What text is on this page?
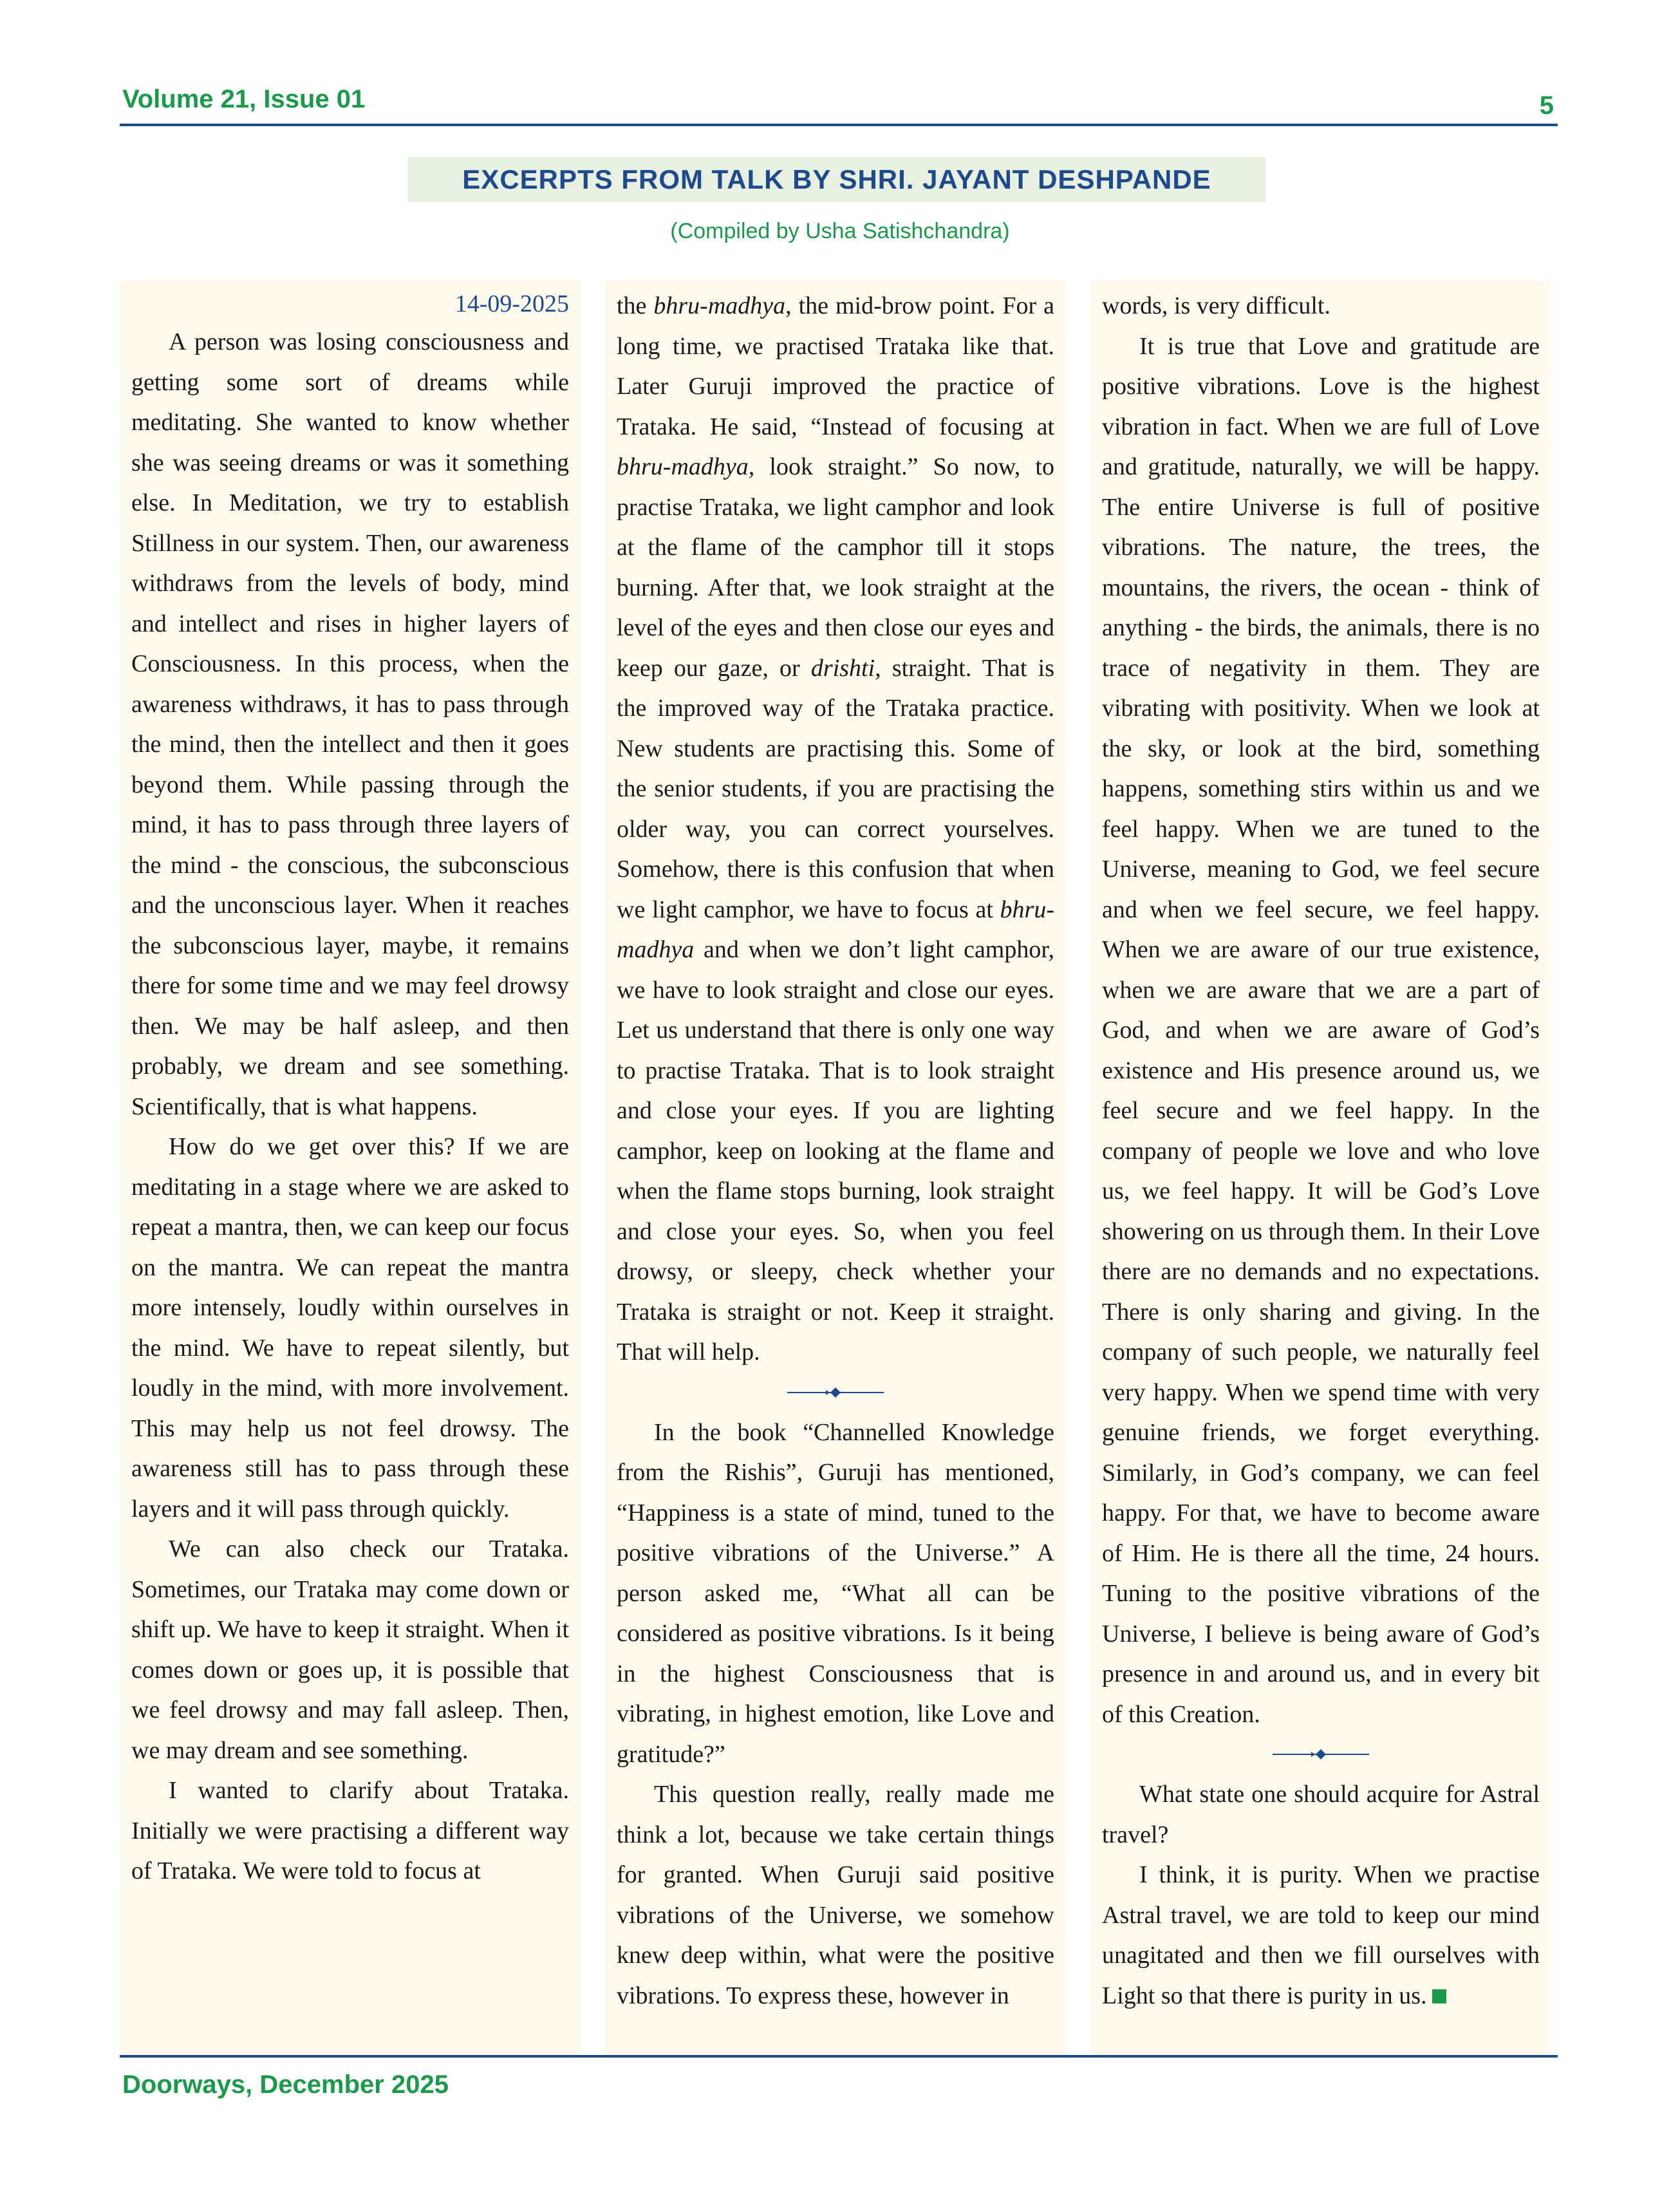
Volume 21, Issue 01	5
EXCERPTS FROM TALK BY SHRI. JAYANT DESHPANDE
(Compiled by Usha Satishchandra)
14-09-2025

A person was losing consciousness and getting some sort of dreams while meditating. She wanted to know whether she was seeing dreams or was it something else. In Meditation, we try to establish Stillness in our system. Then, our awareness withdraws from the levels of body, mind and intellect and rises in higher layers of Consciousness. In this process, when the awareness withdraws, it has to pass through the mind, then the intellect and then it goes beyond them. While passing through the mind, it has to pass through three layers of the mind - the conscious, the subconscious and the unconscious layer. When it reaches the subconscious layer, maybe, it remains there for some time and we may feel drowsy then. We may be half asleep, and then probably, we dream and see something. Scientifically, that is what happens.

How do we get over this? If we are meditating in a stage where we are asked to repeat a mantra, then, we can keep our focus on the mantra. We can repeat the mantra more intensely, loudly within ourselves in the mind. We have to repeat silently, but loudly in the mind, with more involvement. This may help us not feel drowsy. The awareness still has to pass through these layers and it will pass through quickly.

We can also check our Trataka. Sometimes, our Trataka may come down or shift up. We have to keep it straight. When it comes down or goes up, it is possible that we feel drowsy and may fall asleep. Then, we may dream and see something.

I wanted to clarify about Trataka. Initially we were practising a different way of Trataka. We were told to focus at

the bhru-madhya, the mid-brow point. For a long time, we practised Trataka like that. Later Guruji improved the practice of Trataka. He said, “Instead of focusing at bhru-madhya, look straight.” So now, to practise Trataka, we light camphor and look at the flame of the camphor till it stops burning. After that, we look straight at the level of the eyes and then close our eyes and keep our gaze, or drishti, straight. That is the improved way of the Trataka practice. New students are practising this. Some of the senior students, if you are practising the older way, you can correct yourselves. Somehow, there is this confusion that when we light camphor, we have to focus at bhru-madhya and when we don’t light camphor, we have to look straight and close our eyes. Let us understand that there is only one way to practise Trataka. That is to look straight and close your eyes. If you are lighting camphor, keep on looking at the flame and when the flame stops burning, look straight and close your eyes. So, when you feel drowsy, or sleepy, check whether your Trataka is straight or not. Keep it straight. That will help.

In the book “Channelled Knowledge from the Rishis”, Guruji has mentioned, “Happiness is a state of mind, tuned to the positive vibrations of the Universe.” A person asked me, “What all can be considered as positive vibrations. Is it being in the highest Consciousness that is vibrating, in highest emotion, like Love and gratitude?”

This question really, really made me think a lot, because we take certain things for granted. When Guruji said positive vibrations of the Universe, we somehow knew deep within, what were the positive vibrations. To express these, however in

words, is very difficult.

It is true that Love and gratitude are positive vibrations. Love is the highest vibration in fact. When we are full of Love and gratitude, naturally, we will be happy. The entire Universe is full of positive vibrations. The nature, the trees, the mountains, the rivers, the ocean - think of anything - the birds, the animals, there is no trace of negativity in them. They are vibrating with positivity. When we look at the sky, or look at the bird, something happens, something stirs within us and we feel happy. When we are tuned to the Universe, meaning to God, we feel secure and when we feel secure, we feel happy. When we are aware of our true existence, when we are aware that we are a part of God, and when we are aware of God’s existence and His presence around us, we feel secure and we feel happy. In the company of people we love and who love us, we feel happy. It will be God’s Love showering on us through them. In their Love there are no demands and no expectations. There is only sharing and giving. In the company of such people, we naturally feel very happy. When we spend time with very genuine friends, we forget everything. Similarly, in God’s company, we can feel happy. For that, we have to become aware of Him. He is there all the time, 24 hours. Tuning to the positive vibrations of the Universe, I believe is being aware of God’s presence in and around us, and in every bit of this Creation.

What state one should acquire for Astral travel?

I think, it is purity. When we practise Astral travel, we are told to keep our mind unagitated and then we fill ourselves with Light so that there is purity in us.

Doorways, December 2025
